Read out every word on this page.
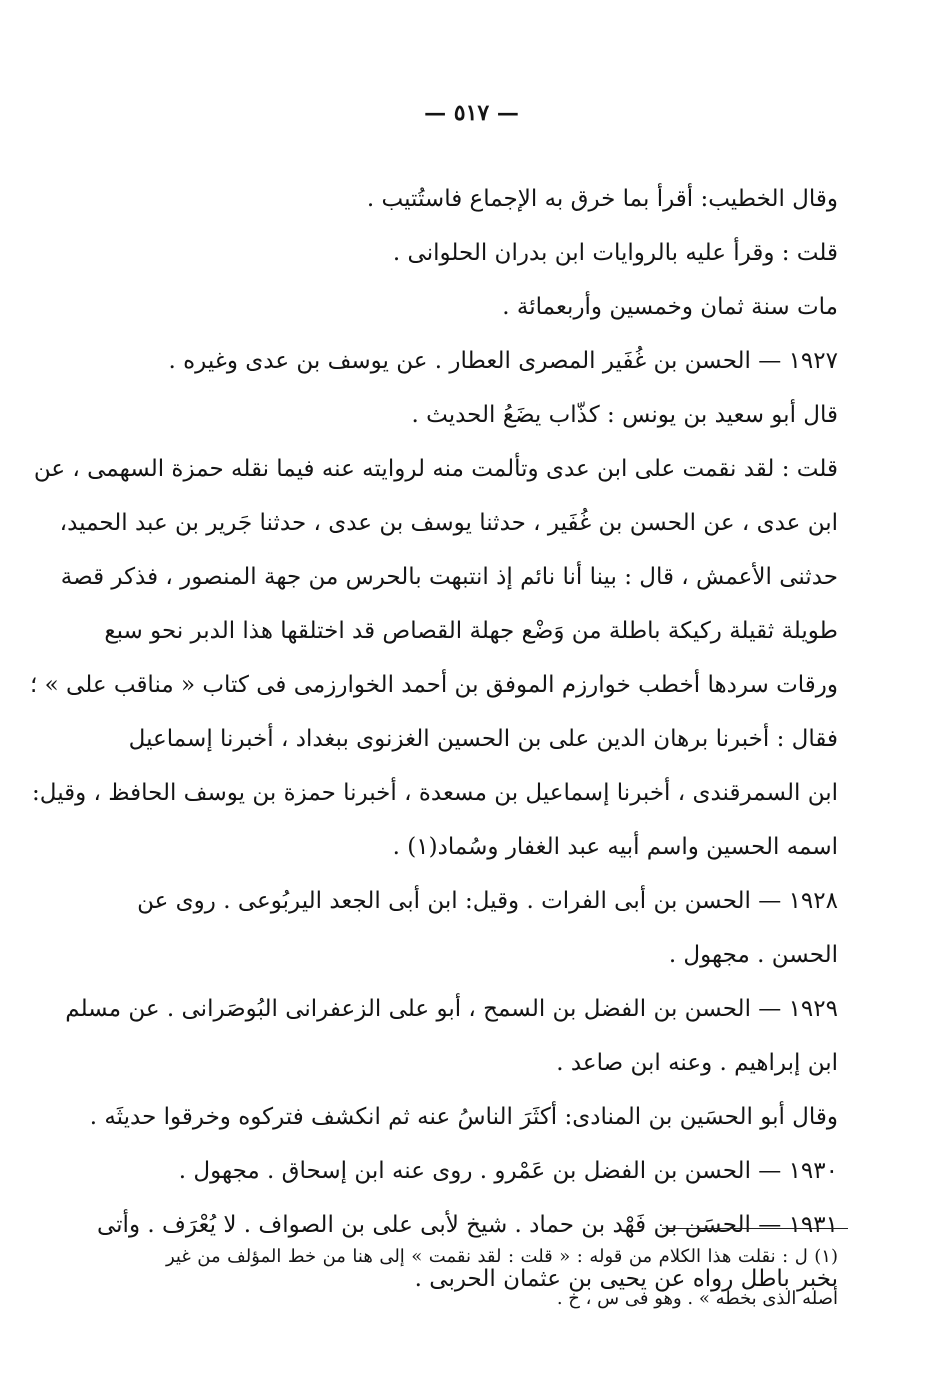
— ٥١٧ —
وقال الخطيب: أقرأ بما خرق به الإجماع فاستُتيب .
قلت : وقرأ عليه بالروايات ابن بدران الحلوانى .
مات سنة ثمان وخمسين وأربعمائة .
١٩٢٧ — الحسن بن غُفَير المصرى العطار . عن يوسف بن عدى وغيره .
قال أبو سعيد بن يونس : كذّاب يضَعُ الحديث .
قلت : لقد نقمت على ابن عدى وتألمت منه لروايته عنه فيما نقله حمزة السهمى ، عن
ابن عدى ، عن الحسن بن غُفَير ، حدثنا يوسف بن عدى ، حدثنا جَرير بن عبد الحميد،
حدثنى الأعمش ، قال : بينا أنا نائم إذ انتبهت بالحرس من جهة المنصور ، فذكر قصة
طويلة ثقيلة ركيكة باطلة من وَضْع جهلة القصاص قد اختلقها هذا الدبر نحو سبع
ورقات سردها أخطب خوارزم الموفق بن أحمد الخوارزمى فى كتاب « مناقب على » ؛
فقال : أخبرنا برهان الدين على بن الحسين الغزنوى ببغداد ، أخبرنا إسماعيل
ابن السمرقندى ، أخبرنا إسماعيل بن مسعدة ، أخبرنا حمزة بن يوسف الحافظ ، وقيل:
اسمه الحسين واسم أبيه عبد الغفار وسُماد(١) .
١٩٢٨ — الحسن بن أبى الفرات . وقيل: ابن أبى الجعد اليربُوعى . روى عن
الحسن . مجهول .
١٩٢٩ — الحسن بن الفضل بن السمح ، أبو على الزعفرانى البُوصَرانى . عن مسلم
ابن إبراهيم . وعنه ابن صاعد .
وقال أبو الحسَين بن المنادى: أكثَرَ الناسُ عنه ثم انكشف فتركوه وخرقوا حديثَه .
١٩٣٠ — الحسن بن الفضل بن عَمْرو . روى عنه ابن إسحاق . مجهول .
١٩٣١ — الحسَن بن فَهْد بن حماد . شيخ لأبى على بن الصواف . لا يُعْرَف . وأتى
بخبر باطل رواه عن يحيى بن عثمان الحربى .
(١) ل : نقلت هذا الكلام من قوله : « قلت : لقد نقمت » إلى هنا من خط المؤلف من غير
أصله الذى بخطه » . وهو فى س ، خ .
